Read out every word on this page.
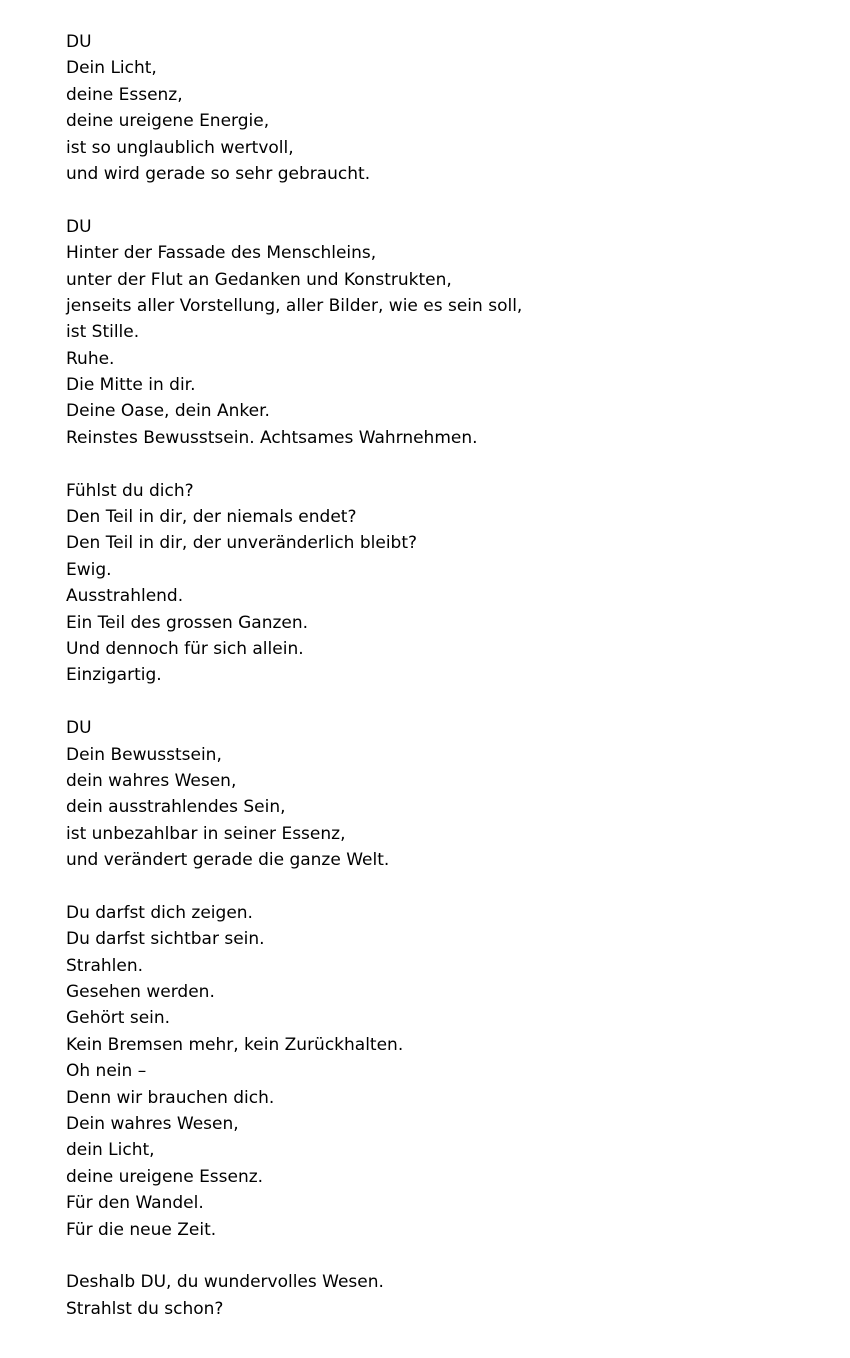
DU
Dein Licht,
deine Essenz,
deine ureigene Energie,
ist so unglaublich wertvoll,
und wird gerade so sehr gebraucht.
DU
Hinter der Fassade des Menschleins,
unter der Flut an Gedanken und Konstrukten,
jenseits aller Vorstellung, aller Bilder, wie es sein soll,
ist Stille.
Ruhe.
Die Mitte in dir.
Deine Oase, dein Anker.
Reinstes Bewusstsein. Achtsames Wahrnehmen.
Fühlst du dich?
Den Teil in dir, der niemals endet?
Den Teil in dir, der unveränderlich bleibt?
Ewig.
Ausstrahlend.
Ein Teil des grossen Ganzen.
Und dennoch für sich allein.
Einzigartig.
DU
Dein Bewusstsein,
dein wahres Wesen,
dein ausstrahlendes Sein,
ist unbezahlbar in seiner Essenz,
und verändert gerade die ganze Welt.
Du darfst dich zeigen.
Du darfst sichtbar sein.
Strahlen.
Gesehen werden.
Gehört sein.
Kein Bremsen mehr, kein Zurückhalten.
Oh nein –
Denn wir brauchen dich.
Dein wahres Wesen,
dein Licht,
deine ureigene Essenz.
Für den Wandel.
Für die neue Zeit.
Deshalb DU, du wundervolles Wesen.
Strahlst du schon?
